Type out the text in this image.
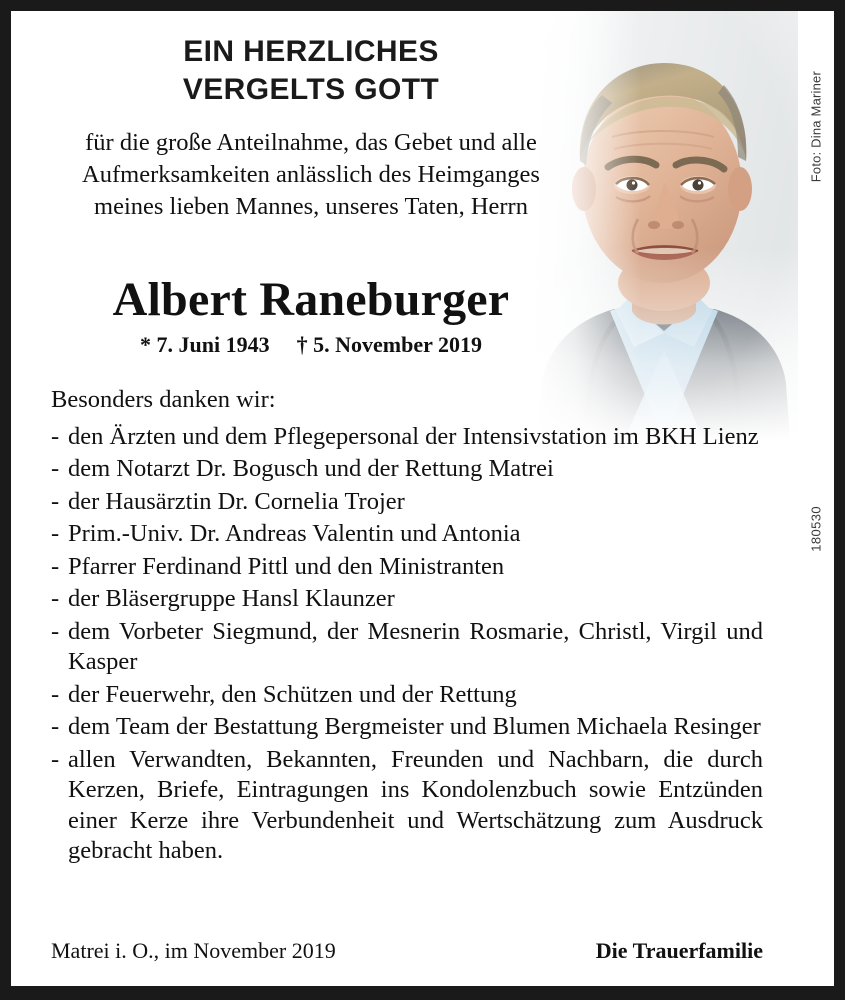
EIN HERZLICHES
VERGELTS GOTT
für die große Anteilnahme, das Gebet und alle Aufmerksamkeiten anlässlich des Heimganges meines lieben Mannes, unseres Taten, Herrn
Albert Raneburger
* 7. Juni 1943 † 5. November 2019

Besonders danken wir:

- den Ärzten und dem Pflegepersonal der Intensivstation im BKH Lienz
- dem Notarzt Dr. Bogusch und der Rettung Matrei
- der Hausärztin Dr. Cornelia Trojer
- Prim.-Univ. Dr. Andreas Valentin und Antonia
- Pfarrer Ferdinand Pittl und den Ministranten
- der Bläsergruppe Hansl Klaunzer
- dem Vorbeter Siegmund, der Mesnerin Rosmarie, Christl, Virgil und Kasper
- der Feuerwehr, den Schützen und der Rettung
- dem Team der Bestattung Bergmeister und Blumen Michaela Resinger
- allen Verwandten, Bekannten, Freunden und Nachbarn, die durch Kerzen, Briefe, Eintragungen ins Kondolenzbuch sowie Entzünden einer Kerze ihre Verbundenheit und Wertschätzung zum Ausdruck gebracht haben.
Matrei i. O., im November 2019	Die Trauerfamilie
Foto: Dina Mariner
180530
